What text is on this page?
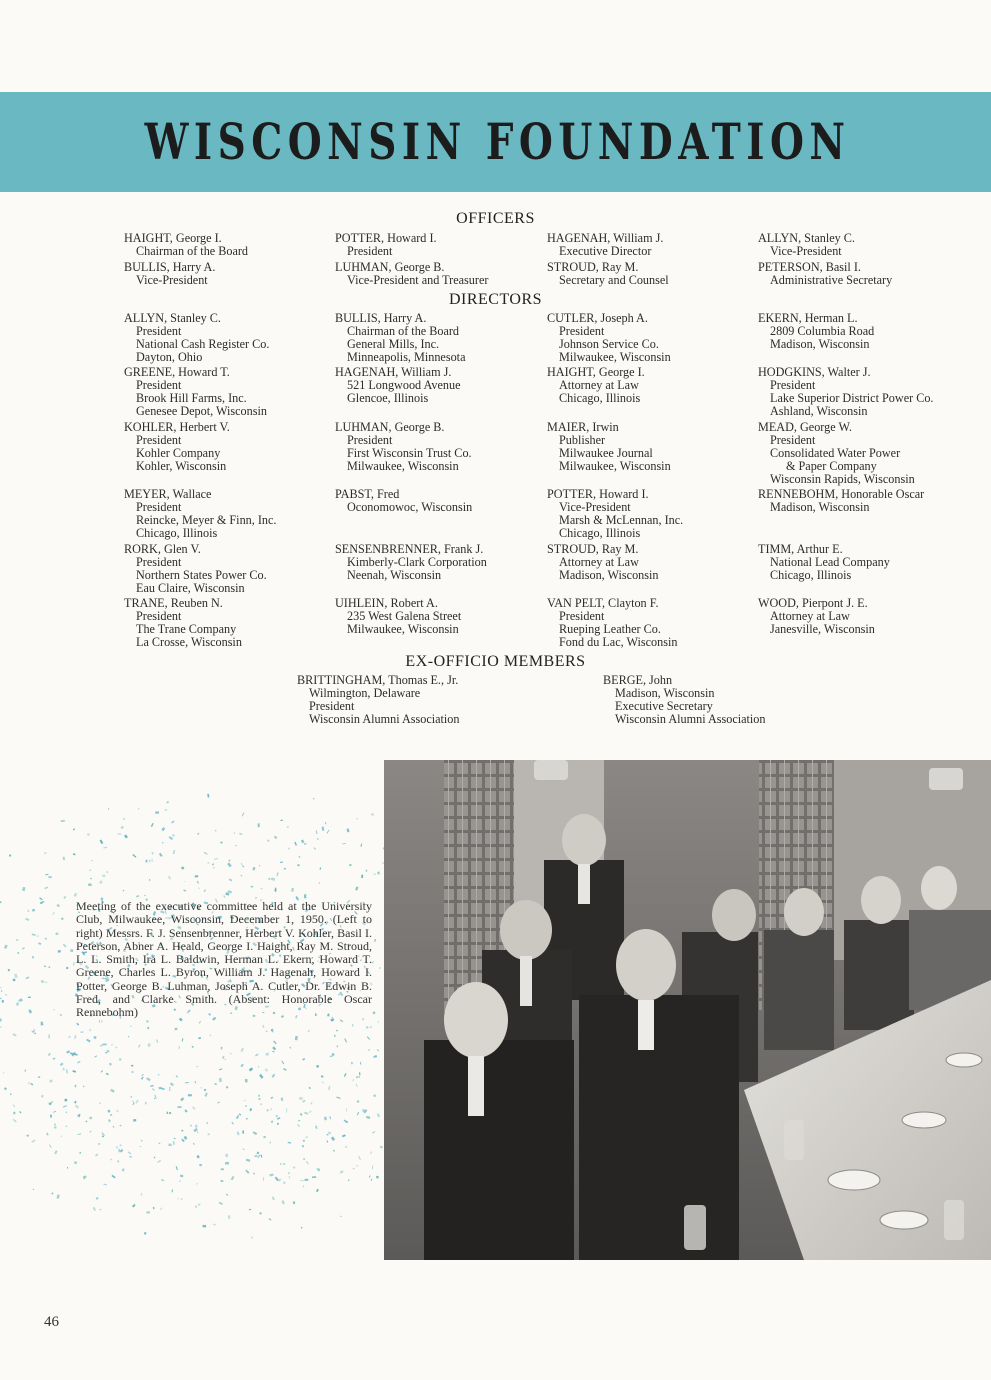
WISCONSIN FOUNDATION
OFFICERS
DIRECTORS
EX-OFFICIO MEMBERS
HAIGHT, George I.
Chairman of the Board
BULLIS, Harry A.
Vice-President
POTTER, Howard I.
President
LUHMAN, George B.
Vice-President and Treasurer
HAGENAH, William J.
Executive Director
STROUD, Ray M.
Secretary and Counsel
ALLYN, Stanley C.
Vice-President
PETERSON, Basil I.
Administrative Secretary
ALLYN, Stanley C.
President
National Cash Register Co.
Dayton, Ohio
GREENE, Howard T.
President
Brook Hill Farms, Inc.
Genesee Depot, Wisconsin
KOHLER, Herbert V.
President
Kohler Company
Kohler, Wisconsin
MEYER, Wallace
President
Reincke, Meyer & Finn, Inc.
Chicago, Illinois
RORK, Glen V.
President
Northern States Power Co.
Eau Claire, Wisconsin
TRANE, Reuben N.
President
The Trane Company
La Crosse, Wisconsin
BULLIS, Harry A.
Chairman of the Board
General Mills, Inc.
Minneapolis, Minnesota
HAGENAH, William J.
521 Longwood Avenue
Glencoe, Illinois
LUHMAN, George B.
President
First Wisconsin Trust Co.
Milwaukee, Wisconsin
PABST, Fred
Oconomowoc, Wisconsin
SENSENBRENNER, Frank J.
Kimberly-Clark Corporation
Neenah, Wisconsin
UIHLEIN, Robert A.
235 West Galena Street
Milwaukee, Wisconsin
CUTLER, Joseph A.
President
Johnson Service Co.
Milwaukee, Wisconsin
HAIGHT, George I.
Attorney at Law
Chicago, Illinois
MAIER, Irwin
Publisher
Milwaukee Journal
Milwaukee, Wisconsin
POTTER, Howard I.
Vice-President
Marsh & McLennan, Inc.
Chicago, Illinois
STROUD, Ray M.
Attorney at Law
Madison, Wisconsin
VAN PELT, Clayton F.
President
Rueping Leather Co.
Fond du Lac, Wisconsin
EKERN, Herman L.
2809 Columbia Road
Madison, Wisconsin
HODGKINS, Walter J.
President
Lake Superior District Power Co.
Ashland, Wisconsin
MEAD, George W.
President
Consolidated Water Power
& Paper Company
Wisconsin Rapids, Wisconsin
RENNEBOHM, Honorable Oscar
Madison, Wisconsin
TIMM, Arthur E.
National Lead Company
Chicago, Illinois
WOOD, Pierpont J. E.
Attorney at Law
Janesville, Wisconsin
BRITTINGHAM, Thomas E., Jr.
Wilmington, Delaware
President
Wisconsin Alumni Association
BERGE, John
Madison, Wisconsin
Executive Secretary
Wisconsin Alumni Association
Meeting of the executive committee held at the University Club, Milwaukee, Wisconsin, December 1, 1950. (Left to right) Messrs. F. J. Sensenbrenner, Herbert V. Kohler, Basil I. Peterson, Abner A. Heald, George I. Haight, Ray M. Stroud, L. L. Smith, Ira L. Baldwin, Herman L. Ekern, Howard T. Greene, Charles L. Byron, William J. Hagenah, Howard I. Potter, George B. Luhman, Joseph A. Cutler, Dr. Edwin B. Fred, and Clarke Smith. (Absent: Honorable Oscar Rennebohm)
46
